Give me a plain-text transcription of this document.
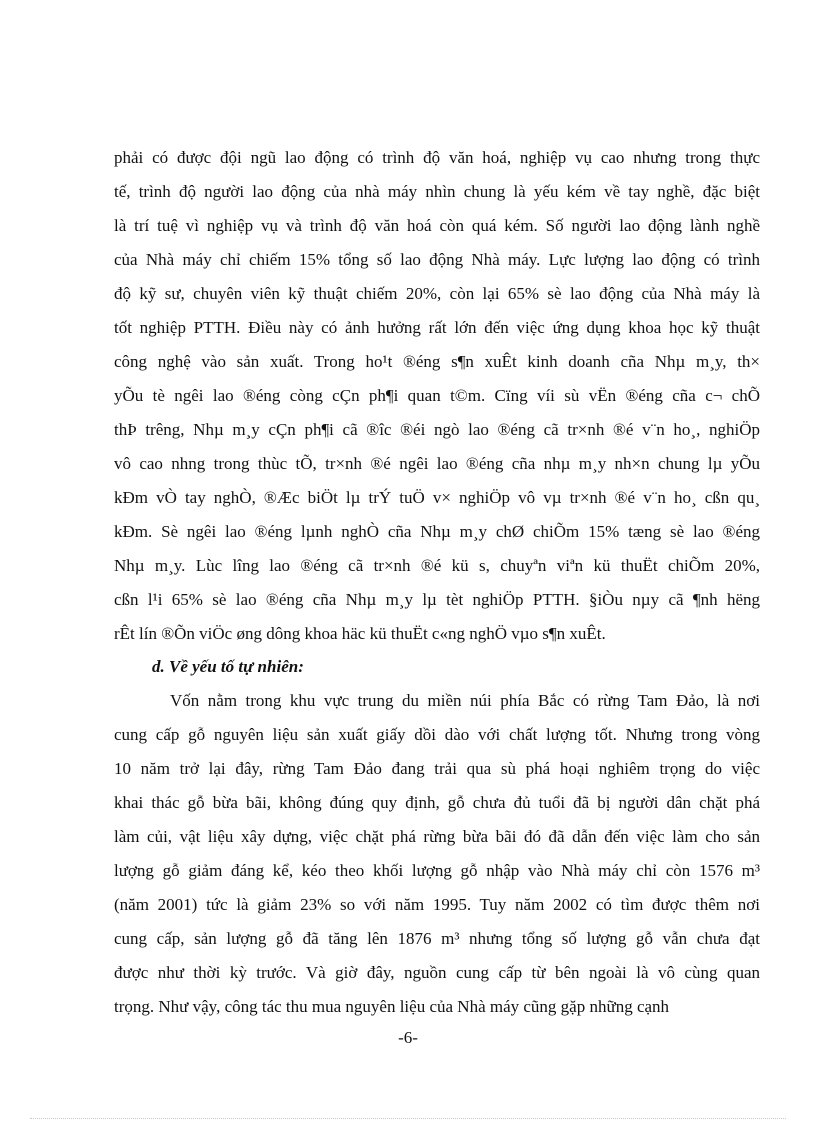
phải có được đội ngũ lao động có trình độ văn hoá, nghiệp vụ cao nhưng trong thực
tế, trình độ người lao động của nhà máy nhìn chung là yếu kém về tay nghề, đặc biệt
là trí tuệ vì nghiệp vụ và trình độ văn hoá còn quá kém. Số người lao động lành nghề
của Nhà máy chỉ chiếm 15% tổng số lao động Nhà máy. Lực lượng lao động có trình
độ kỹ sư, chuyên viên kỹ thuật chiếm 20%, còn lại 65% sè lao động của Nhà máy là
tốt nghiệp PTTH. Điều này có ảnh hưởng rất lớn đến việc ứng dụng khoa học kỹ thuật
công nghệ vào sản xuất. Trong ho¹t ®éng s¶n xuÊt kinh doanh cña Nhµ m¸y, th×
yÕu tè ngêi lao ®éng còng cÇn ph¶i quan t©m. Cïng víi sù vËn ®éng cña c¬ chÕ
thÞ trêng, Nhµ m¸y cÇn ph¶i cã ®îc ®éi ngò lao ®éng cã tr×nh ®é v¨n ho¸, nghiÖp
vô cao nhng trong thùc tÕ, tr×nh ®é ngêi lao ®éng cña nhµ m¸y nh×n chung lµ yÕu
kÐm vÒ tay nghÒ, ®Æc biÖt lµ trÝ tuÖ v× nghiÖp vô vµ tr×nh ®é v¨n ho¸ cßn qu¸
kÐm. Sè ngêi lao ®éng lµnh nghÒ cña Nhµ m¸y chØ chiÕm 15% tæng sè lao ®éng
Nhµ m¸y. Lùc lîng lao ®éng cã tr×nh ®é kü s, chuyªn viªn kü thuËt chiÕm 20%,
cßn l¹i 65% sè lao ®éng cña Nhµ m¸y lµ tèt nghiÖp PTTH. §iÒu nµy cã ¶nh hëng
rÊt lín ®Õn viÖc øng dông khoa häc kü thuËt c«ng nghÖ vµo s¶n xuÊt.
d. Về yếu tố tự nhiên:
Vốn nằm trong khu vực trung du miền núi phía Bắc có rừng Tam Đảo, là nơi
cung cấp gỗ nguyên liệu sản xuất giấy dồi dào với chất lượng tốt. Nhưng trong vòng
10 năm trở lại đây, rừng Tam Đảo đang trải qua sù phá hoại nghiêm trọng do việc
khai thác gỗ bừa bãi, không đúng quy định, gỗ chưa đủ tuổi đã bị người dân chặt phá
làm củi, vật liệu xây dựng, việc chặt phá rừng bừa bãi đó đã dẫn đến việc làm cho sản
lượng gỗ giảm đáng kể, kéo theo khối lượng gỗ nhập vào Nhà máy chỉ còn 1576 m³
(năm 2001) tức là giảm 23% so với năm 1995. Tuy năm 2002 có tìm được thêm nơi
cung cấp, sản lượng gỗ đã tăng lên 1876 m³ nhưng tổng số lượng gỗ vẫn chưa đạt
được như thời kỳ trước. Và giờ đây, nguồn cung cấp từ bên ngoài là vô cùng quan
trọng. Như vậy, công tác thu mua nguyên liệu của Nhà máy cũng gặp những cạnh
-6-
